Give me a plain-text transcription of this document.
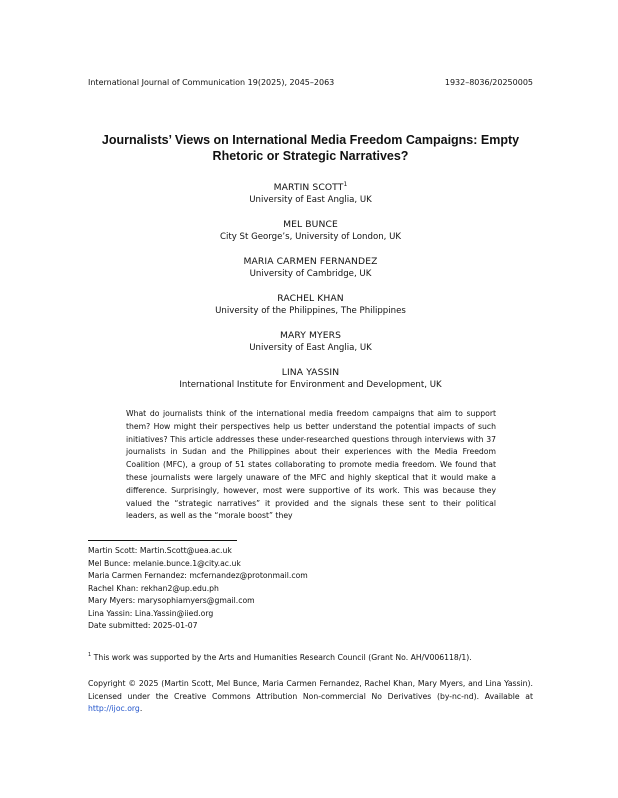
International Journal of Communication 19(2025), 2045–2063	1932–8036/20250005
Journalists’ Views on International Media Freedom Campaigns: Empty Rhetoric or Strategic Narratives?
MARTIN SCOTT$^1$
University of East Anglia, UK
MEL BUNCE
City St George’s, University of London, UK
MARIA CARMEN FERNANDEZ
University of Cambridge, UK
RACHEL KHAN
University of the Philippines, The Philippines
MARY MYERS
University of East Anglia, UK
LINA YASSIN
International Institute for Environment and Development, UK
What do journalists think of the international media freedom campaigns that aim to support them? How might their perspectives help us better understand the potential impacts of such initiatives? This article addresses these under-researched questions through interviews with 37 journalists in Sudan and the Philippines about their experiences with the Media Freedom Coalition (MFC), a group of 51 states collaborating to promote media freedom. We found that these journalists were largely unaware of the MFC and highly skeptical that it would make a difference. Surprisingly, however, most were supportive of its work. This was because they valued the “strategic narratives” it provided and the signals these sent to their political leaders, as well as the “morale boost” they
Martin Scott: Martin.Scott@uea.ac.uk
Mel Bunce: melanie.bunce.1@city.ac.uk
Maria Carmen Fernandez: mcfernandez@protonmail.com
Rachel Khan: rekhan2@up.edu.ph
Mary Myers: marysophiamyers@gmail.com
Lina Yassin: Lina.Yassin@iied.org
Date submitted: 2025-01-07
$^1$ This work was supported by the Arts and Humanities Research Council (Grant No. AH/V006118/1).
Copyright © 2025 (Martin Scott, Mel Bunce, Maria Carmen Fernandez, Rachel Khan, Mary Myers, and Lina Yassin). Licensed under the Creative Commons Attribution Non-commercial No Derivatives (by-nc-nd). Available at http://ijoc.org.
